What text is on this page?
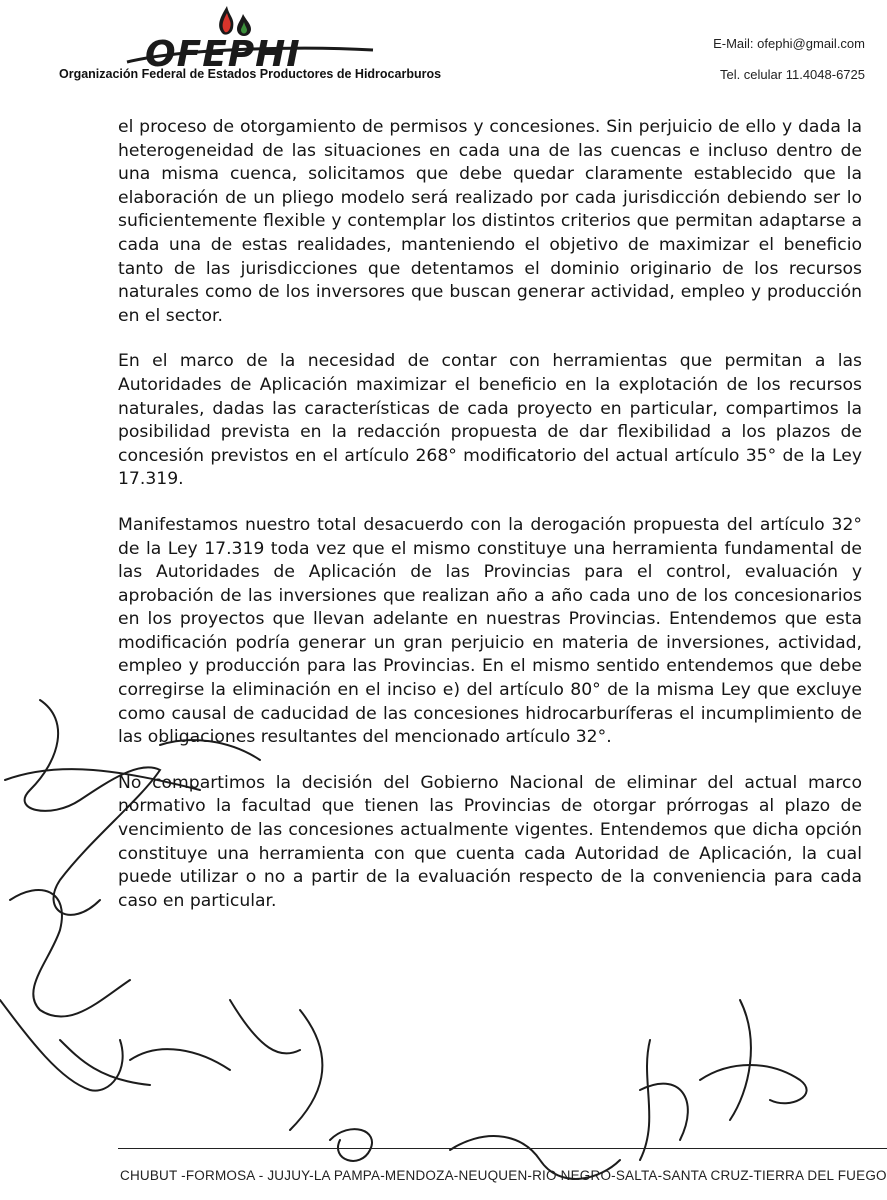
OFEPHI
Organización Federal de Estados Productores de Hidrocarburos
E-Mail: ofephi@gmail.com
Tel. celular 11.4048-6725

el proceso de otorgamiento de permisos y concesiones. Sin perjuicio de ello y dada la heterogeneidad de las situaciones en cada una de las cuencas e incluso dentro de una misma cuenca, solicitamos que debe quedar claramente establecido que la elaboración de un pliego modelo será realizado por cada jurisdicción debiendo ser lo suficientemente flexible y contemplar los distintos criterios que permitan adaptarse a cada una de estas realidades, manteniendo el objetivo de maximizar el beneficio tanto de las jurisdicciones que detentamos el dominio originario de los recursos naturales como de los inversores que buscan generar actividad, empleo y producción en el sector.

En el marco de la necesidad de contar con herramientas que permitan a las Autoridades de Aplicación maximizar el beneficio en la explotación de los recursos naturales, dadas las características de cada proyecto en particular, compartimos la posibilidad prevista en la redacción propuesta de dar flexibilidad a los plazos de concesión previstos en el artículo 268° modificatorio del actual artículo 35° de la Ley 17.319.

Manifestamos nuestro total desacuerdo con la derogación propuesta del artículo 32° de la Ley 17.319 toda vez que el mismo constituye una herramienta fundamental de las Autoridades de Aplicación de las Provincias para el control, evaluación y aprobación de las inversiones que realizan año a año cada uno de los concesionarios en los proyectos que llevan adelante en nuestras Provincias. Entendemos que esta modificación podría generar un gran perjuicio en materia de inversiones, actividad, empleo y producción para las Provincias. En el mismo sentido entendemos que debe corregirse la eliminación en el inciso e) del artículo 80° de la misma Ley que excluye como causal de caducidad de las concesiones hidrocarburíferas el incumplimiento de las obligaciones resultantes del mencionado artículo 32°.

No compartimos la decisión del Gobierno Nacional de eliminar del actual marco normativo la facultad que tienen las Provincias de otorgar prórrogas al plazo de vencimiento de las concesiones actualmente vigentes. Entendemos que dicha opción constituye una herramienta con que cuenta cada Autoridad de Aplicación, la cual puede utilizar o no a partir de la evaluación respecto de la conveniencia para cada caso en particular.

CHUBUT -FORMOSA - JUJUY-LA PAMPA-MENDOZA-NEUQUEN-RIO NEGRO-SALTA-SANTA CRUZ-TIERRA DEL FUEGO
